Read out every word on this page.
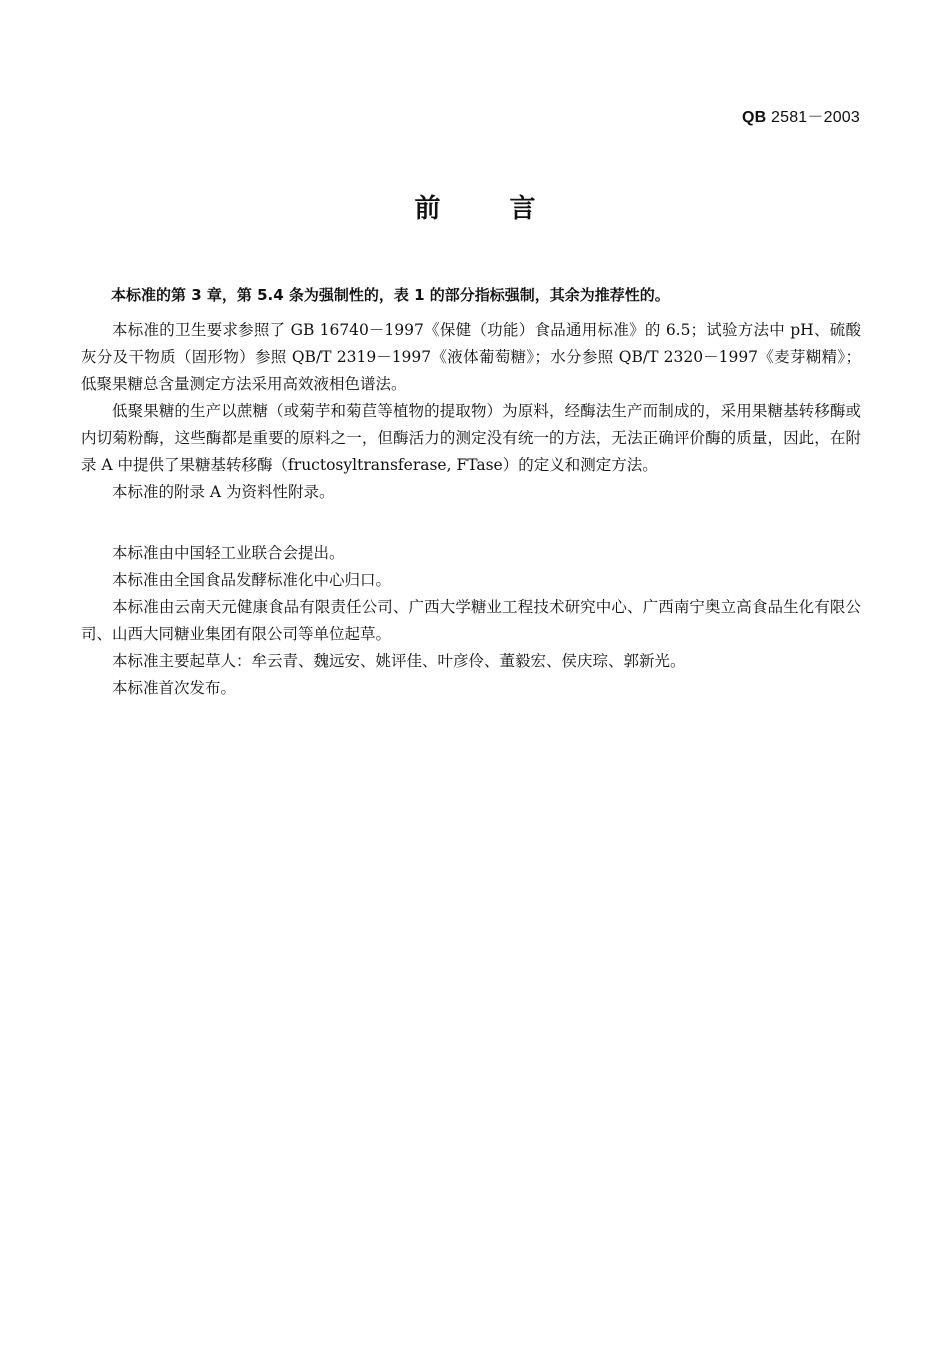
QB 2581－2003
前 言

本标准的第 3 章，第 5.4 条为强制性的，表 1 的部分指标强制，其余为推荐性的。

本标准的卫生要求参照了 GB 16740－1997《保健（功能）食品通用标准》的 6.5；试验方法中 pH、硫酸灰分及干物质（固形物）参照 QB/T 2319－1997《液体葡萄糖》；水分参照 QB/T 2320－1997《麦芽糊精》；低聚果糖总含量测定方法采用高效液相色谱法。

低聚果糖的生产以蔗糖（或菊芋和菊苣等植物的提取物）为原料，经酶法生产而制成的，采用果糖基转移酶或内切菊粉酶，这些酶都是重要的原料之一，但酶活力的测定没有统一的方法，无法正确评价酶的质量，因此，在附录 A 中提供了果糖基转移酶（fructosyltransferase, FTase）的定义和测定方法。

本标准的附录 A 为资料性附录。

本标准由中国轻工业联合会提出。

本标准由全国食品发酵标准化中心归口。

本标准由云南天元健康食品有限责任公司、广西大学糖业工程技术研究中心、广西南宁奥立高食品生化有限公司、山西大同糖业集团有限公司等单位起草。

本标准主要起草人：牟云青、魏远安、姚评佳、叶彦伶、董毅宏、侯庆琮、郭新光。

本标准首次发布。
